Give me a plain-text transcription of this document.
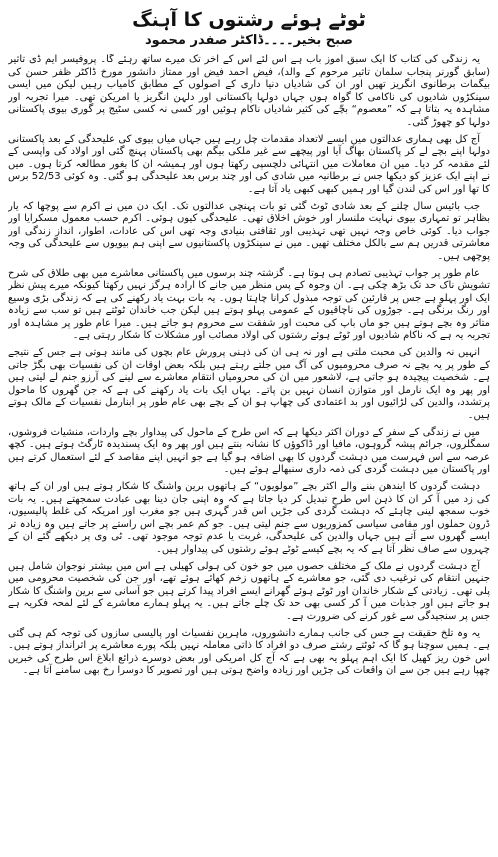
ٹوٹے ہوئے رشتوں کا آہنگ
صبح بخیر۔۔۔۔ڈاکٹر صفدر محمود

یہ زندگی کی کتاب کا ایک سبق آموز باب ہے اس لئے اس کے آخر تک میرے ساتھ رہئے گا۔ پروفیسر ایم ڈی تاثیر (سابق گورنر پنجاب سلمان تاثیر مرحوم کے والد)، فیض احمد فیض اور ممتاز دانشور مورخ ڈاکٹر ظفر حسن کی بیگمات برطانوی انگریز تھیں اور ان کی شادیاں دنیا داری کے اصولوں کے مطابق کامیاب رہیں لیکن میں ایسی سینکڑوں شادیوں کی ناکامی کا گواہ ہوں جہاں دولہا پاکستانی اور دلہن انگریز یا امریکن تھی۔ میرا تجربہ اور مشاہدہ یہ بتاتا ہے کہ ”معصوم“ بچّے کی کثیر شادیاں ناکام ہوئیں اور کسی نہ کسی سٹیج پر گوری بیوی پاکستانی دولہا کو چھوڑ گئی۔

آج کل بھی ہماری عدالتوں میں ایسے لاتعداد مقدمات چل رہے ہیں جہاں میاں بیوی کی علیحدگی کے بعد پاکستانی دولہا اپنے بچے لے کر پاکستان بھاگ آیا اور پیچھے سے غیر ملکی بیگم بھی پاکستان پہنچ گئی اور اولاد کی واپسی کے لئے مقدمہ کر دیا۔ میں ان معاملات میں انتہائی دلچسپی رکھتا ہوں اور ہمیشہ ان کا بغور مطالعہ کرتا ہوں۔ میں نے اپنے ایک عزیز کو دیکھا جس نے برطانیہ میں شادی کی اور چند برس بعد علیحدگی ہو گئی۔ وہ کوئی 52/53 برس کا تھا اور اس کی لندن گیا اور ہمیں کبھی کبھی یاد آتا ہے۔

جب بائیس سال چلنے کے بعد شادی ٹوٹ گئی تو بات پہنچی عدالتوں تک۔ ایک دن میں نے اکرم سے پوچھا کہ یار بظاہر تو تمہاری بیوی نہایت ملنسار اور خوش اخلاق تھی۔ علیحدگی کیوں ہوئی۔ اکرم حسب معمول مسکرایا اور جواب دیا۔ کوئی خاص وجہ نہیں تھی تہذیبی اور ثقافتی بنیادی وجہ تھی اس کی عادات، اطوار، انداز زندگی اور معاشرتی قدریں ہم سے بالکل مختلف تھیں۔ میں نے سینکڑوں پاکستانیوں سے اپنی ہم بیویوں سے علیحدگی کی وجہ پوچھی ہیں۔

عام طور پر جواب تہذیبی تصادم ہی ہوتا ہے۔ گزشتہ چند برسوں میں پاکستانی معاشرے میں بھی طلاق کی شرح تشویش ناک حد تک بڑھ چکی ہے۔ ان وجوہ کے پس منظر میں جانے کا ارادہ ہرگز نہیں رکھتا کیونکہ میرے پیش نظر ایک اور پہلو ہے جس پر قارئین کی توجہ مبذول کرانا چاہتا ہوں۔ یہ بات بہت یاد رکھنے کی ہے کہ زندگی بڑی وسیع اور رنگ برنگی ہے۔ جوڑوں کی ناچاقیوں کے عمومی پہلو ہوتے ہیں لیکن جب خاندان ٹوٹتے ہیں تو سب سے زیادہ متاثر وہ بچے ہوتے ہیں جو ماں باپ کی محبت اور شفقت سے محروم ہو جاتے ہیں۔ میرا عام طور پر مشاہدہ اور تجربہ یہ ہے کہ ناکام شادیوں اور ٹوٹے ہوئے رشتوں کی اولاد مصائب اور مشکلات کا شکار رہتی ہے۔

انہیں نہ والدین کی محبت ملتی ہے اور نہ ہی ان کی ذہنی پرورش عام بچوں کی مانند ہوتی ہے جس کے نتیجے کے طور پر یہ بچے نہ صرف محرومیوں کی آگ میں جلتے رہتے ہیں بلکہ بعض اوقات ان کی نفسیات بھی بگڑ جاتی ہے۔ شخصیت پیچیدہ ہو جاتی ہے، لاشعور میں ان کی محرومیاں انتقام معاشرے سے لینے کی آرزو جنم لے لیتی ہیں اور پھر وہ ایک نارمل اور متوازن انسان نہیں بن پاتے۔ بہاں ایک بات یاد رکھنے کی ہے کہ جن گھروں کا ماحول پرتشدد، والدین کی لڑائیوں اور بد اعتمادی کی چھاپ ہو ان کے بچے بھی عام طور پر ابنارمل نفسیات کے مالک ہوتے ہیں۔

میں نے زندگی کے سفر کے دوران اکثر دیکھا ہے کہ اس طرح کے ماحول کی پیداوار بچے واردات، منشیات فروشوں، سمگلروں، جرائم پیشہ گروہوں، مافیا اور ڈاکوؤں کا نشانہ بنتے ہیں اور پھر وہ ایک پسندیدہ ٹارگٹ ہوتے ہیں۔ کچھ عرصہ سے اس فہرست میں دہشت گردوں کا بھی اضافہ ہو گیا ہے جو انہیں اپنے مقاصد کے لئے استعمال کرتے ہیں اور پاکستان میں دہشت گردی کی ذمہ داری سنبھالے ہوئے ہیں۔

دہشت گردوں کا ایندھن بننے والے اکثر بچے ”مولویوں“ کے ہاتھوں برین واشنگ کا شکار ہوتے ہیں اور ان کے ہاتھ کی زد میں آ کر ان کا ذہن اس طرح تبدیل کر دیا جاتا ہے کہ وہ اپنی جان دینا بھی عبادت سمجھتے ہیں۔ یہ بات خوب سمجھ لینی چاہئے کہ دہشت گردی کی جڑیں اس قدر گہری ہیں جو مغرب اور امریکہ کی غلط پالیسیوں، ڈرون حملوں اور مقامی سیاسی کمزوریوں سے جنم لیتی ہیں۔ جو کم عمر بچے اس راستے پر جاتے ہیں وہ زیادہ تر ایسے گھروں سے آتے ہیں جہاں والدین کی علیحدگی، غربت یا عدم توجہ موجود تھی۔ ٹی وی پر دیکھے گئے ان کے چہروں سے صاف نظر آتا ہے کہ یہ بچے کیسے ٹوٹے ہوئے رشتوں کی پیداوار ہیں۔

آج دہشت گردوں نے ملک کے مختلف حصوں میں جو خون کی ہولی کھیلی ہے اس میں بیشتر نوجوان شامل ہیں جنہیں انتقام کی ترغیب دی گئی، جو معاشرے کے ہاتھوں زخم کھائے ہوئے تھے، اور جن کی شخصیت محرومی میں پلی تھی۔ زیادتی کے شکار خاندان اور ٹوٹے ہوئے گھرانے ایسے افراد پیدا کرتے ہیں جو آسانی سے برین واشنگ کا شکار ہو جاتے ہیں اور جذبات میں آ کر کسی بھی حد تک چلے جاتے ہیں۔ یہ پہلو ہمارے معاشرے کے لئے لمحہ فکریہ ہے جس پر سنجیدگی سے غور کرنے کی ضرورت ہے۔

یہ وہ تلخ حقیقت ہے جس کی جانب ہمارے دانشوروں، ماہرین نفسیات اور پالیسی سازوں کی توجہ کم ہی گئی ہے۔ ہمیں سوچنا ہو گا کہ ٹوٹتے رشتے صرف دو افراد کا ذاتی معاملہ نہیں بلکہ پورے معاشرے پر اثرانداز ہوتے ہیں۔ اس خون ریز کھیل کا ایک اہم پہلو یہ بھی ہے کہ آج کل امریکی اور بعض دوسرے ذرائع ابلاغ اس طرح کی خبریں چھپا رہے ہیں جن سے ان واقعات کی جڑیں اور زیادہ واضح ہوتی ہیں اور تصویر کا دوسرا رخ بھی سامنے آتا ہے۔
